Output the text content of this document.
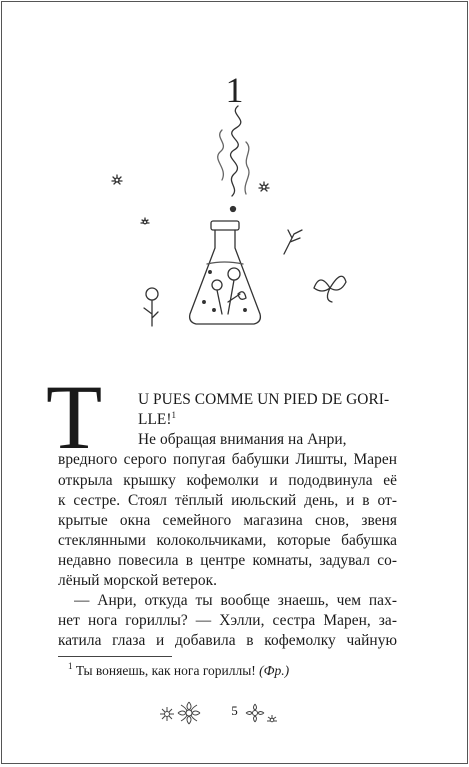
1
Т U PUES COMME UN PIED DE GORI-
LLE!$^1$
Не обращая внимания на Анри,
вредного серого попугая бабушки Лишты, Марен
открыла крышку кофемолки и пододвинула её
к сестре. Стоял тёплый июльский день, и в от-
крытые окна семейного магазина снов, звеня
стеклянными колокольчиками, которые бабушка
недавно повесила в центре комнаты, задувал со-
лёный морской ветерок.
— Анри, откуда ты вообще знаешь, чем пах-
нет нога гориллы? — Хэлли, сестра Марен, за-
катила глаза и добавила в кофемолку чайную
$^1$ Ты воняешь, как нога гориллы! (Фр.)
5
